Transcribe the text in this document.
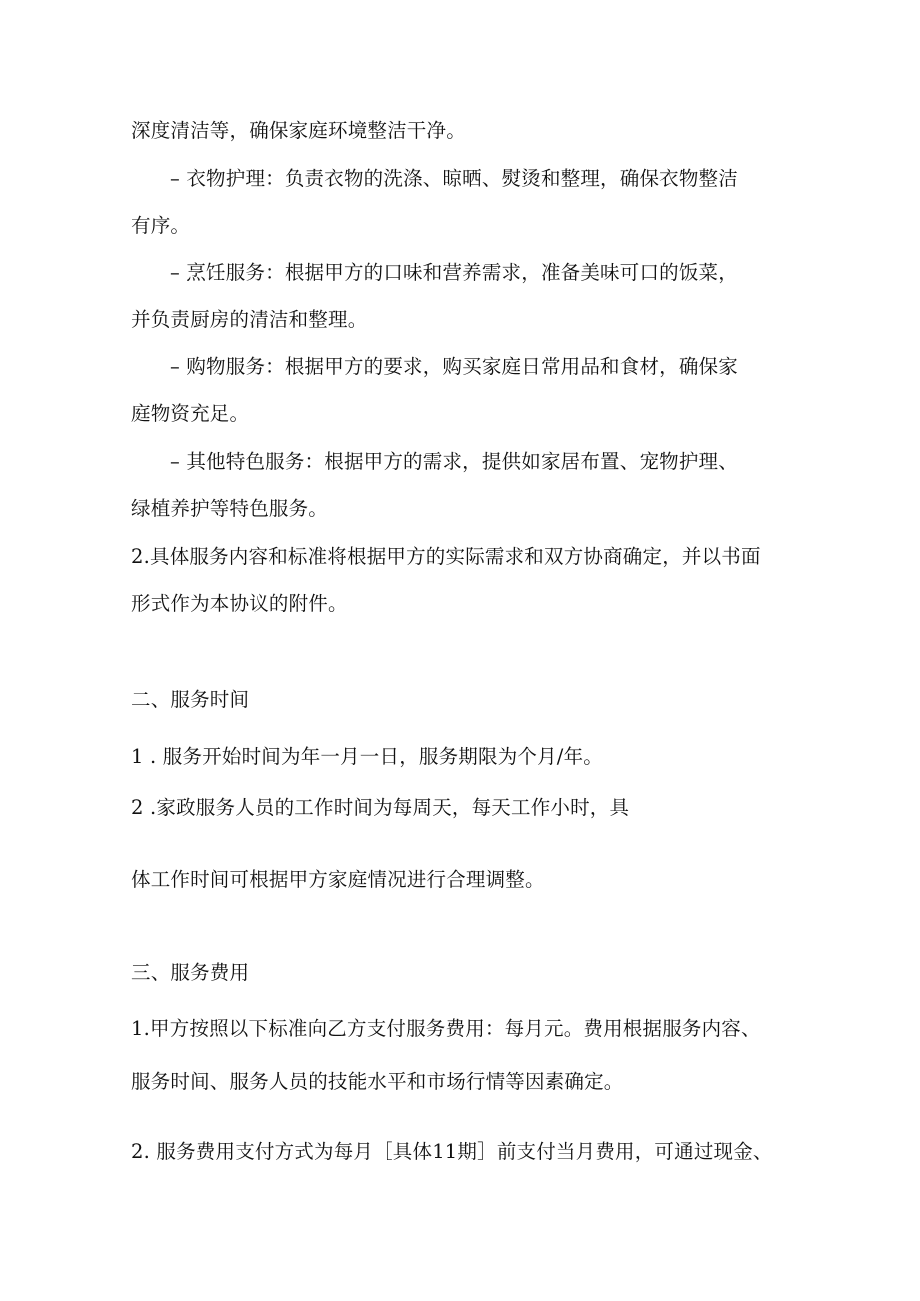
深度清洁等，确保家庭环境整洁干净。
– 衣物护理：负责衣物的洗涤、晾晒、熨烫和整理，确保衣物整洁
有序。
– 烹饪服务：根据甲方的口味和营养需求，准备美味可口的饭菜，
并负责厨房的清洁和整理。
– 购物服务：根据甲方的要求，购买家庭日常用品和食材，确保家
庭物资充足。
– 其他特色服务：根据甲方的需求，提供如家居布置、宠物护理、
绿植养护等特色服务。
2.具体服务内容和标准将根据甲方的实际需求和双方协商确定，并以书面
形式作为本协议的附件。
二、服务时间
1 . 服务开始时间为年一月一日，服务期限为个月/年。
2 .家政服务人员的工作时间为每周天，每天工作小时，具
体工作时间可根据甲方家庭情况进行合理调整。
三、服务费用
1.甲方按照以下标准向乙方支付服务费用：每月元。费用根据服务内容、
服务时间、服务人员的技能水平和市场行情等因素确定。
2. 服务费用支付方式为每月［具体11期］前支付当月费用，可通过现金、
